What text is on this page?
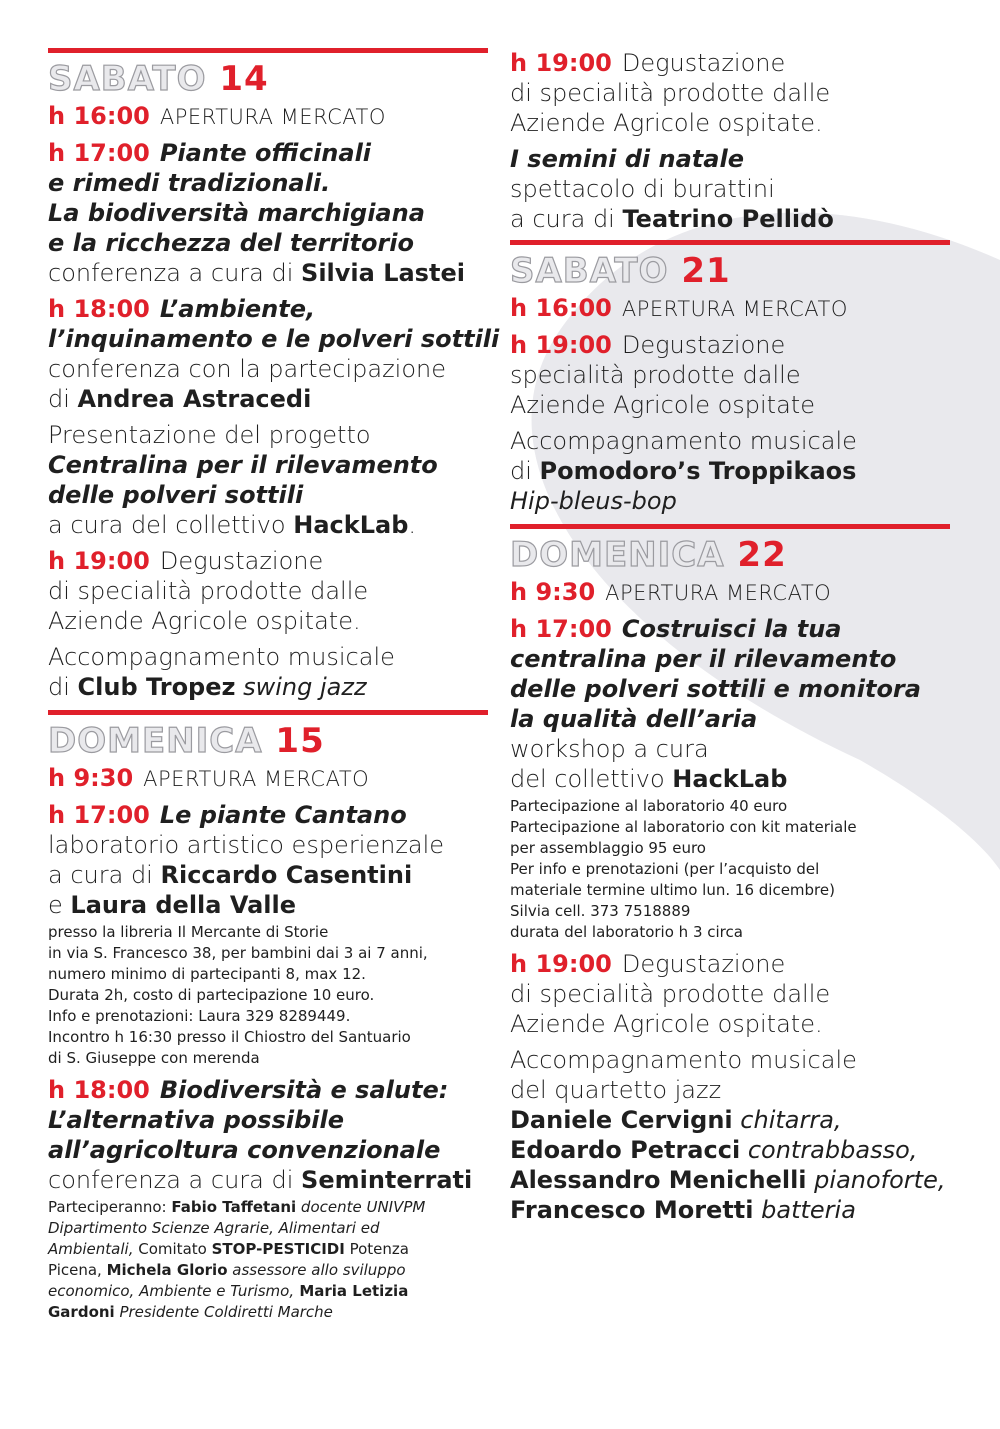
SABATO 14
h 16:00 APERTURA MERCATO
h 17:00 Piante officinali
e rimedi tradizionali.
La biodiversità marchigiana
e la ricchezza del territorio
conferenza a cura di Silvia Lastei
h 18:00 L’ambiente,
l’inquinamento e le polveri sottili
conferenza con la partecipazione
di Andrea Astracedi
Presentazione del progetto
Centralina per il rilevamento
delle polveri sottili
a cura del collettivo HackLab.
h 19:00 Degustazione
di specialità prodotte dalle
Aziende Agricole ospitate.
Accompagnamento musicale
di Club Tropez swing jazz
DOMENICA 15
h 9:30 APERTURA MERCATO
h 17:00 Le piante Cantano
laboratorio artistico esperienzale
a cura di Riccardo Casentini
e Laura della Valle
presso la libreria Il Mercante di Storie
in via S. Francesco 38, per bambini dai 3 ai 7 anni,
numero minimo di partecipanti 8, max 12.
Durata 2h, costo di partecipazione 10 euro.
Info e prenotazioni: Laura 329 8289449.
Incontro h 16:30 presso il Chiostro del Santuario
di S. Giuseppe con merenda
h 18:00 Biodiversità e salute:
L’alternativa possibile
all’agricoltura convenzionale
conferenza a cura di Seminterrati
Parteciperanno: Fabio Taffetani docente UNIVPM
Dipartimento Scienze Agrarie, Alimentari ed
Ambientali, Comitato STOP-PESTICIDI Potenza
Picena, Michela Glorio assessore allo sviluppo
economico, Ambiente e Turismo, Maria Letizia
Gardoni Presidente Coldiretti Marche
h 19:00 Degustazione
di specialità prodotte dalle
Aziende Agricole ospitate.
I semini di natale
spettacolo di burattini
a cura di Teatrino Pellidò
SABATO 21
h 16:00 APERTURA MERCATO
h 19:00 Degustazione
specialità prodotte dalle
Aziende Agricole ospitate
Accompagnamento musicale
di Pomodoro’s Troppikaos
Hip-bleus-bop
DOMENICA 22
h 9:30 APERTURA MERCATO
h 17:00 Costruisci la tua
centralina per il rilevamento
delle polveri sottili e monitora
la qualità dell’aria
workshop a cura
del collettivo HackLab
Partecipazione al laboratorio 40 euro
Partecipazione al laboratorio con kit materiale
per assemblaggio 95 euro
Per info e prenotazioni (per l’acquisto del
materiale termine ultimo lun. 16 dicembre)
Silvia cell. 373 7518889
durata del laboratorio h 3 circa
h 19:00 Degustazione
di specialità prodotte dalle
Aziende Agricole ospitate.
Accompagnamento musicale
del quartetto jazz
Daniele Cervigni chitarra,
Edoardo Petracci contrabbasso,
Alessandro Menichelli pianoforte,
Francesco Moretti batteria
